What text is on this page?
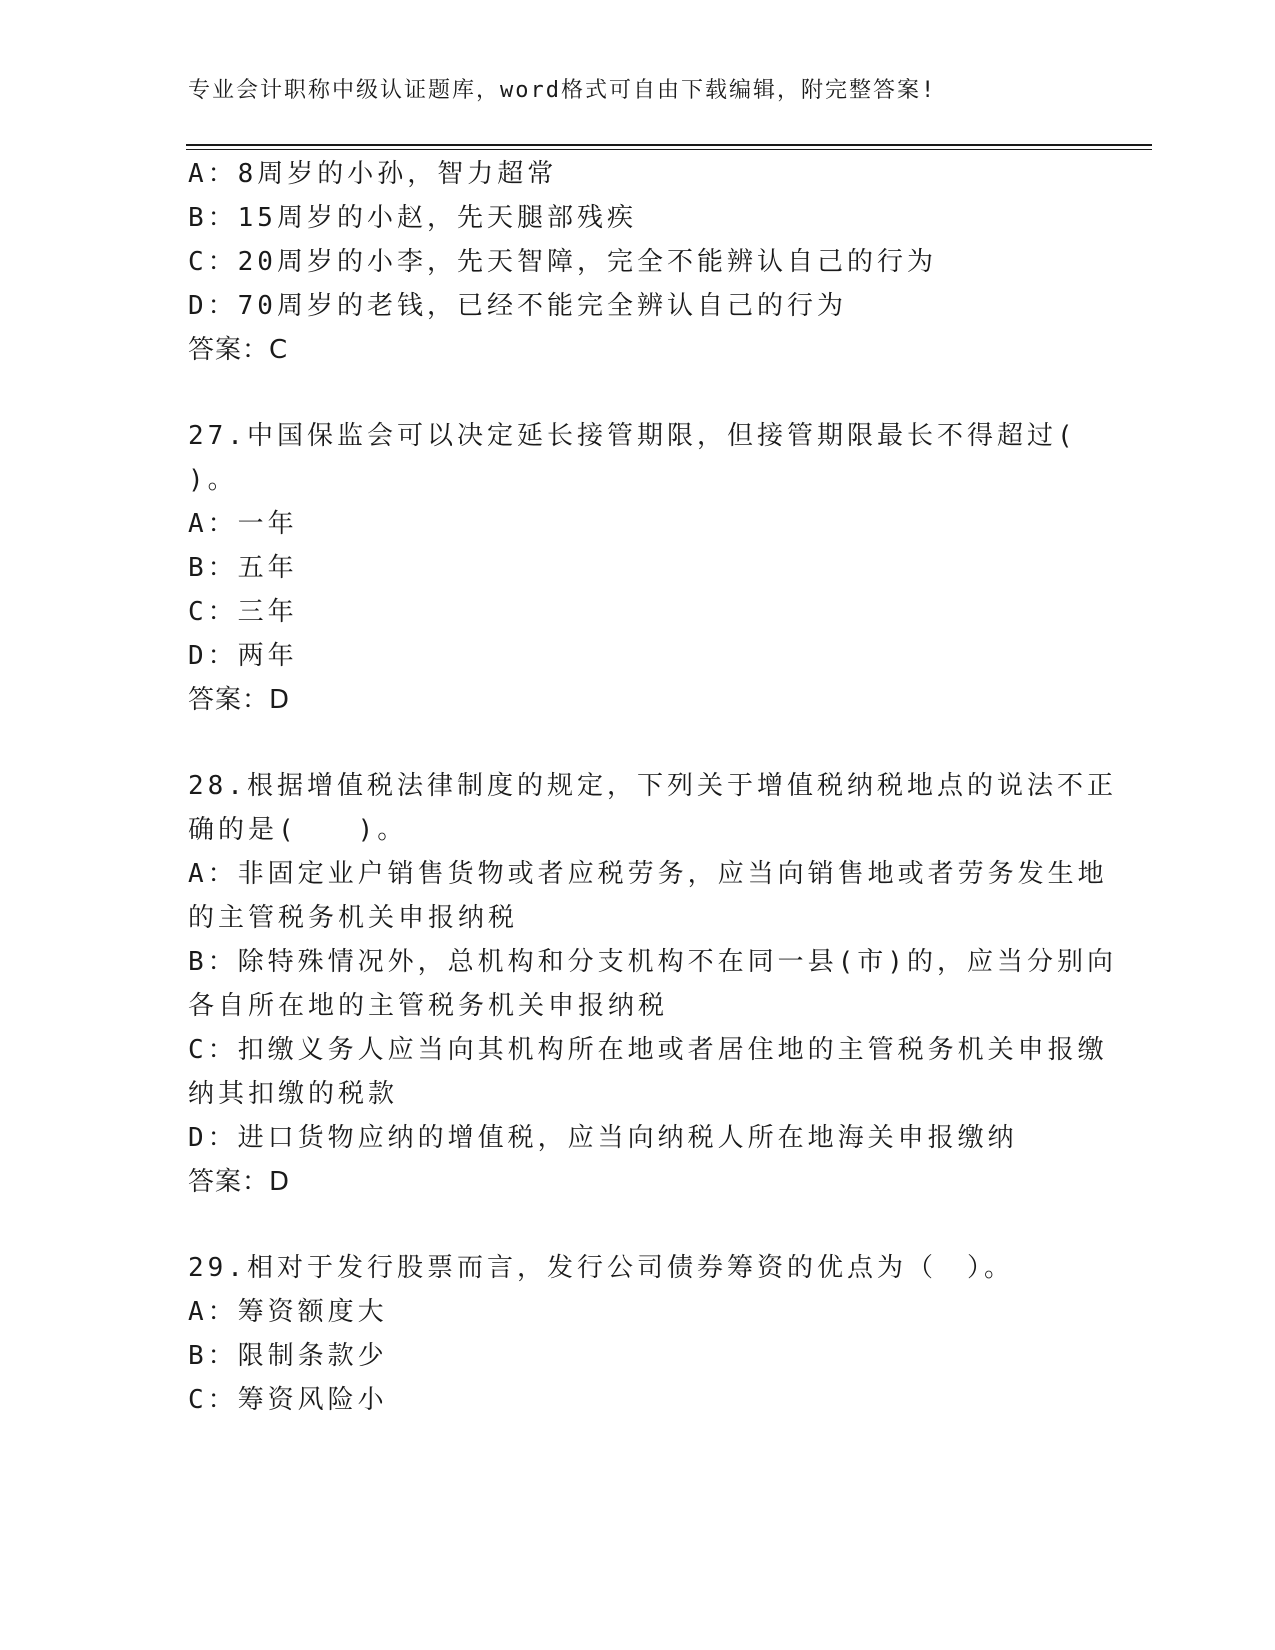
专业会计职称中级认证题库，word格式可自由下载编辑，附完整答案!
A：8周岁的小孙，智力超常
B：15周岁的小赵，先天腿部残疾
C：20周岁的小李，先天智障，完全不能辨认自己的行为
D：70周岁的老钱，已经不能完全辨认自己的行为
答案：C
27.中国保监会可以决定延长接管期限，但接管期限最长不得超过(
)。
A：一年
B：五年
C：三年
D：两年
答案：D
28.根据增值税法律制度的规定，下列关于增值税纳税地点的说法不正
确的是(　　)。
A：非固定业户销售货物或者应税劳务，应当向销售地或者劳务发生地
的主管税务机关申报纳税
B：除特殊情况外，总机构和分支机构不在同一县(市)的，应当分别向
各自所在地的主管税务机关申报纳税
C：扣缴义务人应当向其机构所在地或者居住地的主管税务机关申报缴
纳其扣缴的税款
D：进口货物应纳的增值税，应当向纳税人所在地海关申报缴纳
答案：D
29.相对于发行股票而言，发行公司债券筹资的优点为（　）。
A：筹资额度大
B：限制条款少
C：筹资风险小
